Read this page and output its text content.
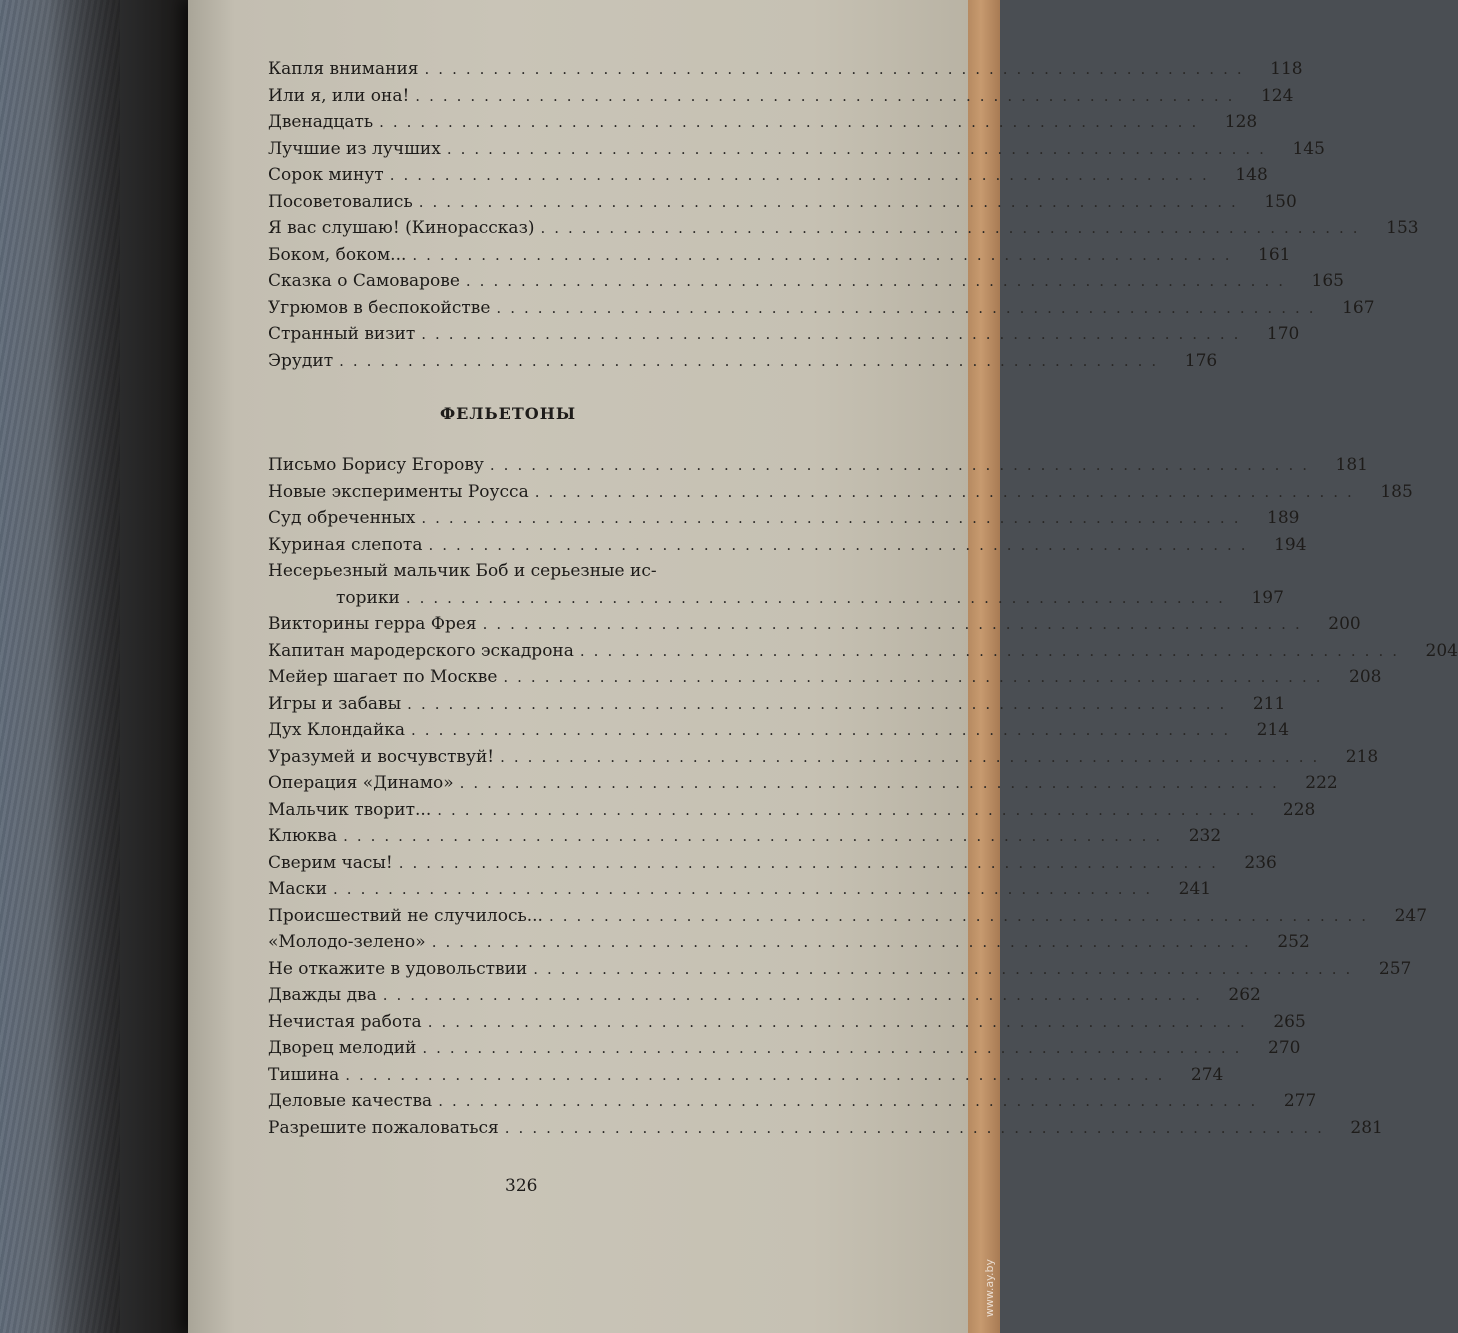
Капля внимания ............................................................	118
Или я, или она! ............................................................	124
Двенадцать ............................................................	128
Лучшие из лучших ............................................................	145
Сорок минут ............................................................	148
Посоветовались ............................................................	150
Я вас слушаю! (Кинорассказ) ............................................................	153
Боком, боком... ............................................................	161
Сказка о Самоварове ............................................................	165
Угрюмов в беспокойстве ............................................................	167
Странный визит ............................................................	170
Эрудит ............................................................	176
ФЕЛЬЕТОНЫ
Письмо Борису Егорову ............................................................	181
Новые эксперименты Роусса ............................................................	185
Суд обреченных ............................................................	189
Куриная слепота ............................................................	194
Несерьезный мальчик Боб и серьезные ис-
торики ............................................................	197
Викторины герра Фрея ............................................................	200
Капитан мародерского эскадрона ............................................................	204
Мейер шагает по Москве ............................................................	208
Игры и забавы ............................................................	211
Дух Клондайка ............................................................	214
Уразумей и восчувствуй! ............................................................	218
Операция «Динамо» ............................................................	222
Мальчик творит... ............................................................	228
Клюква ............................................................	232
Сверим часы! ............................................................	236
Маски ............................................................	241
Происшествий не случилось... ............................................................	247
«Молодо-зелено» ............................................................	252
Не откажите в удовольствии ............................................................	257
Дважды два ............................................................	262
Нечистая работа ............................................................	265
Дворец мелодий ............................................................	270
Тишина ............................................................	274
Деловые качества ............................................................	277
Разрешите пожаловаться ............................................................	281
326
www.ay.by
